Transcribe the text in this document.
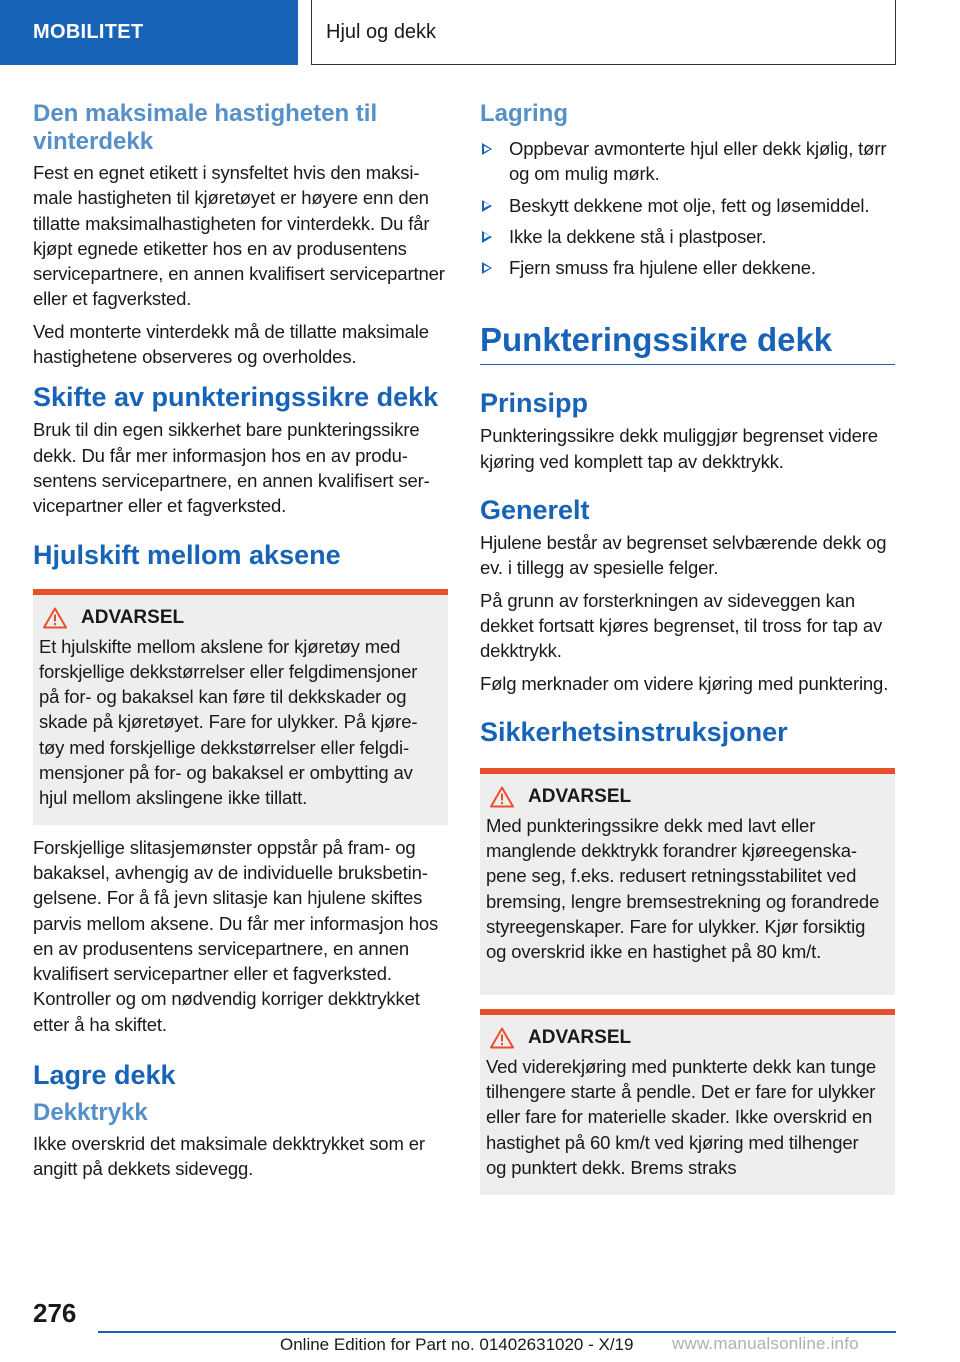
MOBILITET	Hjul og dekk
Den maksimale hastigheten til vinterdekk

Fest en egnet etikett i synsfeltet hvis den maksimale hastigheten til kjøretøyet er høyere enn den tillatte maksimalhastigheten for vinterdekk. Du får kjøpt egnede etiketter hos en av produsentens servicepartnere, en annen kvalifisert servicepartner eller et fagverksted.

Ved monterte vinterdekk må de tillatte maksimale hastighetene observeres og overholdes.

Skifte av punkteringssikre dekk

Bruk til din egen sikkerhet bare punkteringssikre dekk. Du får mer informasjon hos en av produsentens servicepartnere, en annen kvalifisert servicepartner eller et fagverksted.

Hjulskift mellom aksene
ADVARSEL

Et hjulskifte mellom akslene for kjøretøy med forskjellige dekkstørrelser eller felgdimensjoner på for- og bakaksel kan føre til dekkskader og skade på kjøretøyet. Fare for ulykker. På kjøretøy med forskjellige dekkstørrelser eller felgdimensjoner på for- og bakaksel er ombytting av hjul mellom akslingene ikke tillatt.

Forskjellige slitasjemønster oppstår på fram- og bakaksel, avhengig av de individuelle bruksbetingelsene. For å få jevn slitasje kan hjulene skiftes parvis mellom aksene. Du får mer informasjon hos en av produsentens servicepartnere, en annen kvalifisert servicepartner eller et fagverksted. Kontroller og om nødvendig korriger dekktrykket etter å ha skiftet.

Lagre dekk
Dekktrykk

Ikke overskrid det maksimale dekktrykket som er angitt på dekkets sidevegg.

Lagring
Oppbevar avmonterte hjul eller dekk kjølig, tørr og om mulig mørk.
Beskytt dekkene mot olje, fett og løsemiddel.
Ikke la dekkene stå i plastposer.
Fjern smuss fra hjulene eller dekkene.
Punkteringssikre dekk
Prinsipp

Punkteringssikre dekk muliggjør begrenset videre kjøring ved komplett tap av dekktrykk.

Generelt

Hjulene består av begrenset selvbærende dekk og ev. i tillegg av spesielle felger.

På grunn av forsterkningen av sideveggen kan dekket fortsatt kjøres begrenset, til tross for tap av dekktrykk.

Følg merknader om videre kjøring med punktering.

Sikkerhetsinstruksjoner
ADVARSEL

Med punkteringssikre dekk med lavt eller manglende dekktrykk forandrer kjøreegenskapene seg, f.eks. redusert retningsstabilitet ved bremsing, lengre bremsestrekning og forandrede styreegenskaper. Fare for ulykker. Kjør forsiktig og overskrid ikke en hastighet på 80 km/t.

ADVARSEL

Ved viderekjøring med punkterte dekk kan tunge tilhengere starte å pendle. Det er fare for ulykker eller fare for materielle skader. Ikke overskrid en hastighet på 60 km/t ved kjøring med tilhenger og punktert dekk. Brems straks

276
Online Edition for Part no. 01402631020 - X/19 www.manualsonline.info
